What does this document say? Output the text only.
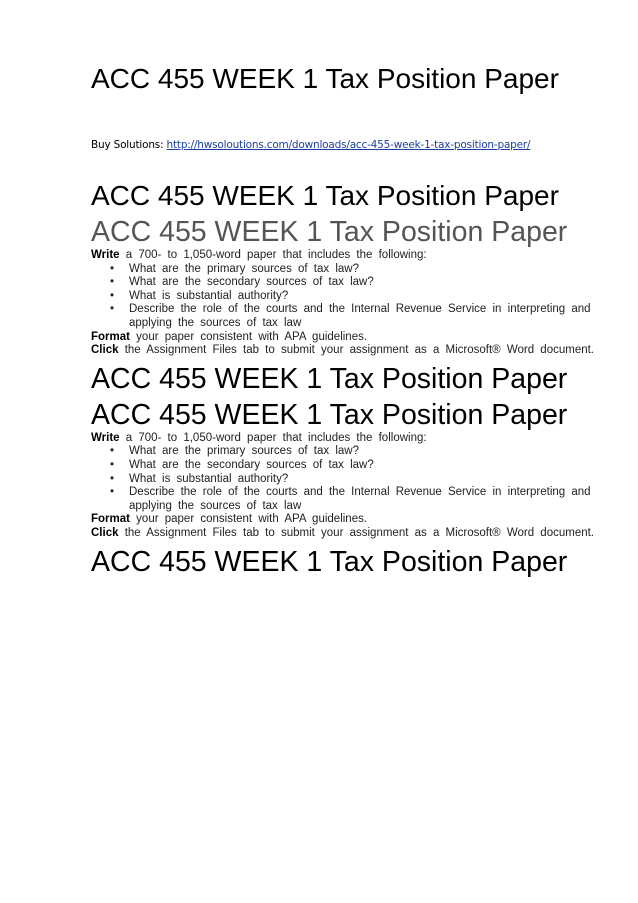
ACC 455 WEEK 1 Tax Position Paper
Buy Solutions: http://hwsoloutions.com/downloads/acc-455-week-1-tax-position-paper/
ACC 455 WEEK 1 Tax Position Paper
ACC 455 WEEK 1 Tax Position Paper
Write a 700- to 1,050-word paper that includes the following:
• What are the primary sources of tax law?
• What are the secondary sources of tax law?
• What is substantial authority?
• Describe the role of the courts and the Internal Revenue Service in interpreting and applying the sources of tax law
Format your paper consistent with APA guidelines.
Click the Assignment Files tab to submit your assignment as a Microsoft® Word document.
ACC 455 WEEK 1 Tax Position Paper
ACC 455 WEEK 1 Tax Position Paper
Write a 700- to 1,050-word paper that includes the following:
• What are the primary sources of tax law?
• What are the secondary sources of tax law?
• What is substantial authority?
• Describe the role of the courts and the Internal Revenue Service in interpreting and applying the sources of tax law
Format your paper consistent with APA guidelines.
Click the Assignment Files tab to submit your assignment as a Microsoft® Word document.
ACC 455 WEEK 1 Tax Position Paper
